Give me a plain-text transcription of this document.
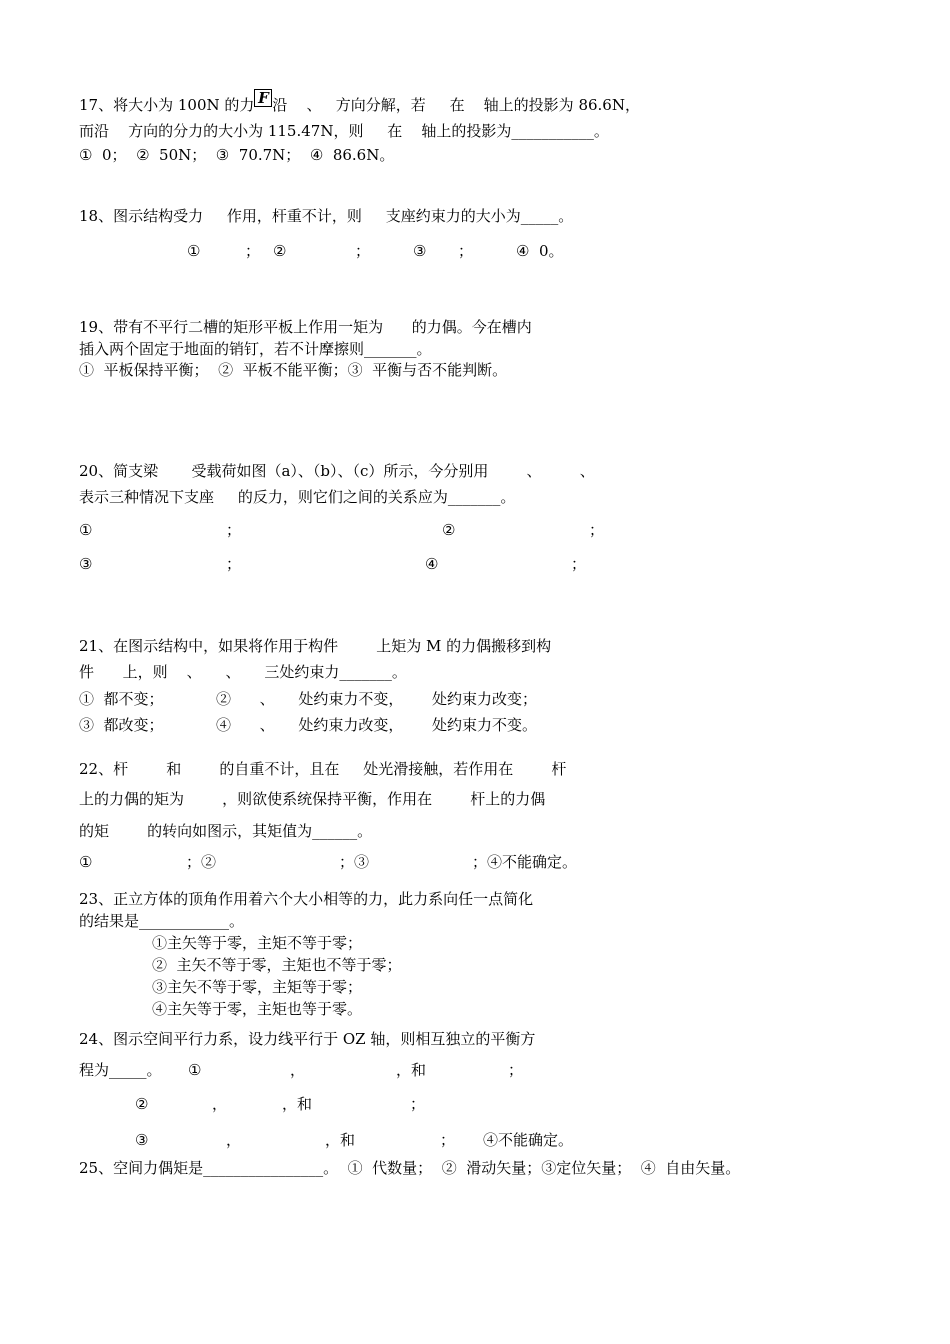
17、将大小为 100N 的力 F 沿    、   方向分解，若     在    轴上的投影为 86.6N，
而沿    方向的分力的大小为 115.47N，则     在    轴上的投影为___________。
①  0；  ②  50N；  ③  70.7N；  ④  86.6N。
18、图示结构受力     作用，杆重不计，则     支座约束力的大小为_____。
①	； ②	；	③ ；	④  0。
19、带有不平行二槽的矩形平板上作用一矩为      的力偶。今在槽内
插入两个固定于地面的销钉，若不计摩擦则_______。
①  平板保持平衡；  ②  平板不能平衡；③  平衡与否不能判断。
20、简支梁       受载荷如图（a）、（b）、（c）所示，今分别用        、        、
表示三种情况下支座     的反力，则它们之间的关系应为_______。
①	；	②	；
③	；	④	；
21、在图示结构中，如果将作用于构件        上矩为 M 的力偶搬移到构
件      上，则    、     、     三处约束力_______。
①  都不变；           ②      、     处约束力不变，      处约束力改变；
③  都改变；           ④      、     处约束力改变，      处约束力不变。
22、杆        和        的自重不计，且在     处光滑接触，若作用在        杆
上的力偶的矩为        ，则欲使系统保持平衡，作用在        杆上的力偶
的矩        的转向如图示，其矩值为______。
①	；②	；③	；④不能确定。
23、正立方体的顶角作用着六个大小相等的力，此力系向任一点简化
的结果是____________。
①主矢等于零，主矩不等于零；
②  主矢不等于零，主矩也不等于零；
③主矢不等于零，主矩等于零；
④主矢等于零，主矩也等于零。
24、图示空间平行力系，设力线平行于 OZ 轴，则相互独立的平衡方
程为_____。 ①	，	，和	；
②	，	，和	；
③	，	，和	； ④不能确定。
25、空间力偶矩是________________。  ①  代数量；  ②  滑动矢量；③定位矢量；  ④  自由矢量。
